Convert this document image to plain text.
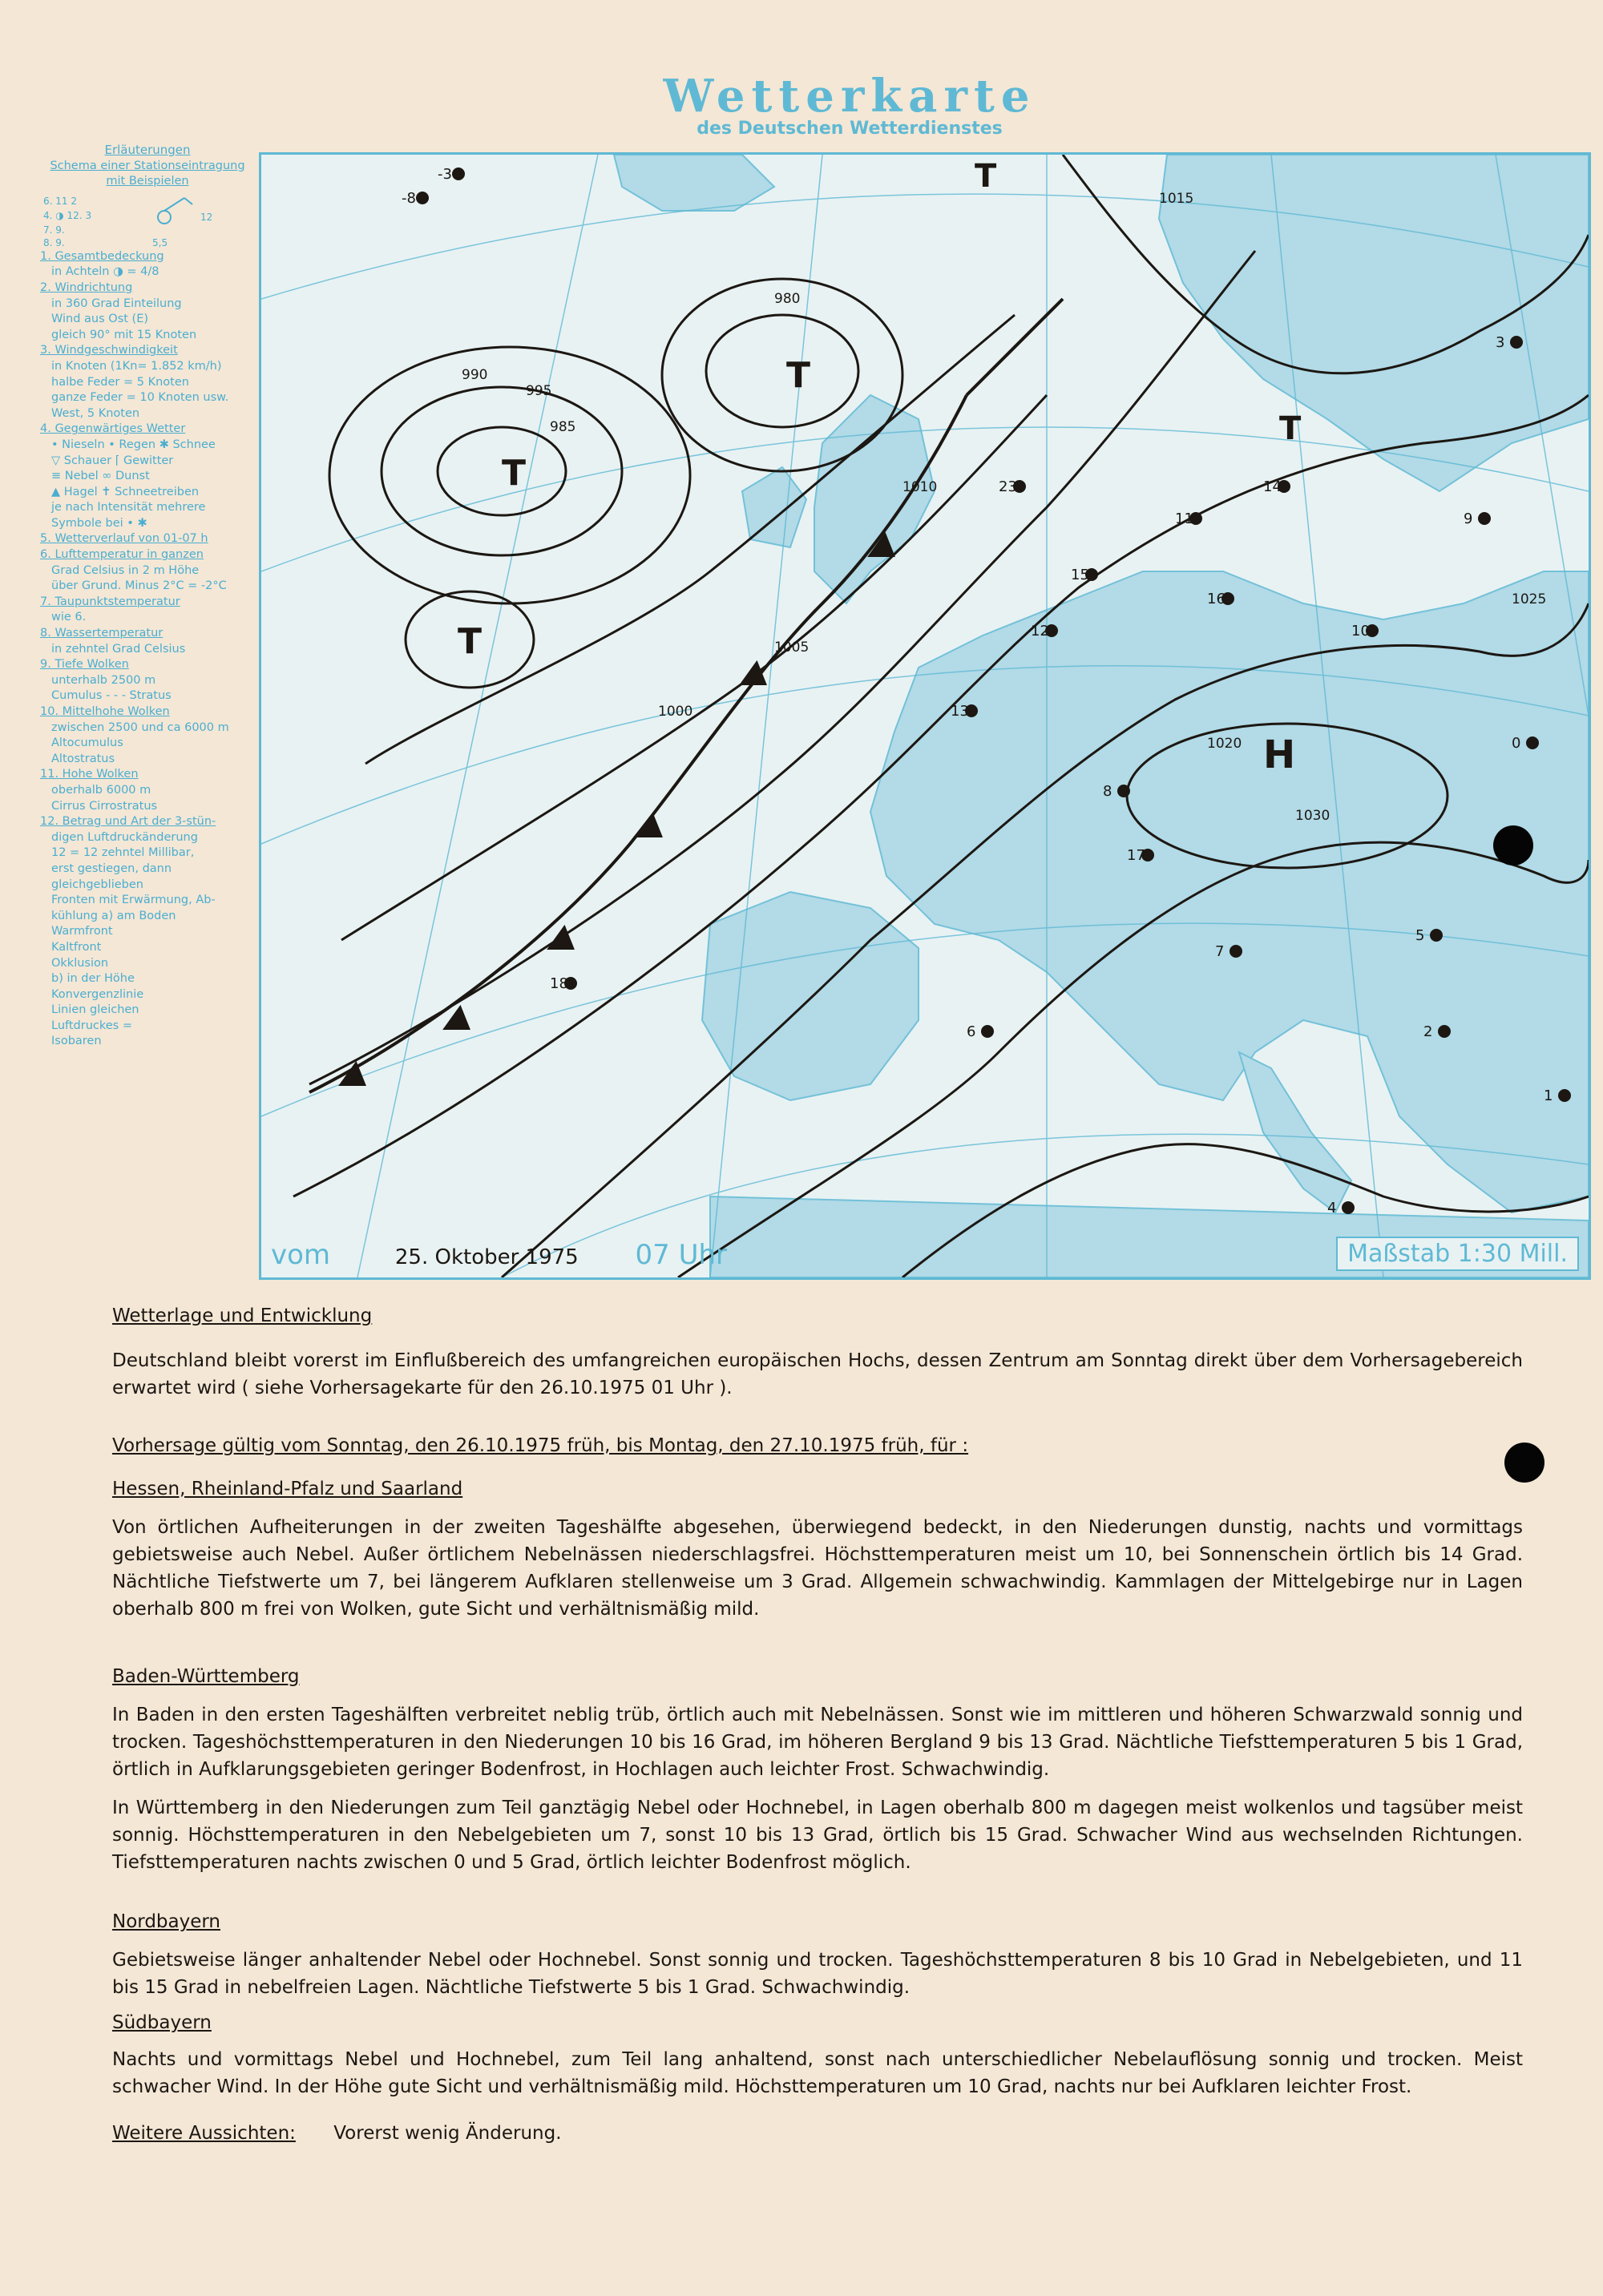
Wetterkarte
des Deutschen Wetterdienstes
Erläuterungen
Schema einer Stationseintragung mit Beispielen
6. 11 2
4. ◑ 12. 3
7. 9.
8. 9.	5,5
12
1. Gesamtbedeckung
in Achteln ◑ = 4/8
2. Windrichtung
in 360 Grad Einteilung
Wind aus Ost (E)
gleich 90° mit 15 Knoten
3. Windgeschwindigkeit
in Knoten (1Kn= 1.852 km/h)
halbe Feder = 5 Knoten
ganze Feder = 10 Knoten usw.
West, 5 Knoten
4. Gegenwärtiges Wetter
• Nieseln • Regen ✱ Schnee
▽ Schauer ⌈ Gewitter
≡ Nebel ∞ Dunst
▲ Hagel ✝ Schneetreiben
je nach Intensität mehrere
Symbole bei • ✱
5. Wetterverlauf von 01-07 h
6. Lufttemperatur in ganzen
Grad Celsius in 2 m Höhe
über Grund. Minus 2°C = -2°C
7. Taupunktstemperatur
wie 6.
8. Wassertemperatur
in zehntel Grad Celsius
9. Tiefe Wolken
unterhalb 2500 m
Cumulus - - - Stratus
10. Mittelhohe Wolken
zwischen 2500 und ca 6000 m
Altocumulus
Altostratus
11. Hohe Wolken
oberhalb 6000 m
Cirrus Cirrostratus
12. Betrag und Art der 3-stün-
digen Luftdruckänderung
12 = 12 zehntel Millibar,
erst gestiegen, dann
gleichgeblieben
Fronten mit Erwärmung, Ab-
kühlung a) am Boden
Warmfront
Kaltfront
Okklusion
b) in der Höhe
Konvergenzlinie
Linien gleichen
Luftdruckes =
Isobaren
T
T
T
T
T
H
995
990
985
980
1000
1005
1010
1015
1020
1025
1030
15
12
13
11
10
14
9
8
7
6
5
18
16
3
0
2
1
4
17
23
-3
-8
vom	25. Oktober 1975 07 Uhr	Maßstab 1:30 Mill.
Wetterlage und Entwicklung

Deutschland bleibt vorerst im Einflußbereich des umfangreichen europäischen Hochs, dessen Zentrum am Sonntag direkt über dem Vorhersagebereich erwartet wird ( siehe Vorhersagekarte für den 26.10.1975 01 Uhr ).

Vorhersage gültig vom Sonntag, den 26.10.1975 früh, bis Montag, den 27.10.1975 früh, für :
Hessen, Rheinland-Pfalz und Saarland

Von örtlichen Aufheiterungen in der zweiten Tageshälfte abgesehen, überwiegend bedeckt, in den Niederungen dunstig, nachts und vormittags gebietsweise auch Nebel. Außer örtlichem Nebelnässen niederschlagsfrei. Höchsttemperaturen meist um 10, bei Sonnenschein örtlich bis 14 Grad. Nächtliche Tiefstwerte um 7, bei längerem Aufklaren stellenweise um 3 Grad. Allgemein schwachwindig. Kammlagen der Mittelgebirge nur in Lagen oberhalb 800 m frei von Wolken, gute Sicht und verhältnismäßig mild.

Baden-Württemberg

In Baden in den ersten Tageshälften verbreitet neblig trüb, örtlich auch mit Nebelnässen. Sonst wie im mittleren und höheren Schwarzwald sonnig und trocken. Tageshöchsttemperaturen in den Niederungen 10 bis 16 Grad, im höheren Bergland 9 bis 13 Grad. Nächtliche Tiefsttemperaturen 5 bis 1 Grad, örtlich in Aufklarungsgebieten geringer Bodenfrost, in Hochlagen auch leichter Frost. Schwachwindig.

In Württemberg in den Niederungen zum Teil ganztägig Nebel oder Hochnebel, in Lagen oberhalb 800 m dagegen meist wolkenlos und tagsüber meist sonnig. Höchsttemperaturen in den Nebelgebieten um 7, sonst 10 bis 13 Grad, örtlich bis 15 Grad. Schwacher Wind aus wechselnden Richtungen. Tiefsttemperaturen nachts zwischen 0 und 5 Grad, örtlich leichter Bodenfrost möglich.

Nordbayern

Gebietsweise länger anhaltender Nebel oder Hochnebel. Sonst sonnig und trocken. Tageshöchsttemperaturen 8 bis 10 Grad in Nebelgebieten, und 11 bis 15 Grad in nebelfreien Lagen. Nächtliche Tiefstwerte 5 bis 1 Grad. Schwachwindig.

Südbayern

Nachts und vormittags Nebel und Hochnebel, zum Teil lang anhaltend, sonst nach unterschiedlicher Nebelauflösung sonnig und trocken. Meist schwacher Wind. In der Höhe gute Sicht und verhältnismäßig mild. Höchsttemperaturen um 10 Grad, nachts nur bei Aufklaren leichter Frost.

Weitere Aussichten: Vorerst wenig Änderung.
